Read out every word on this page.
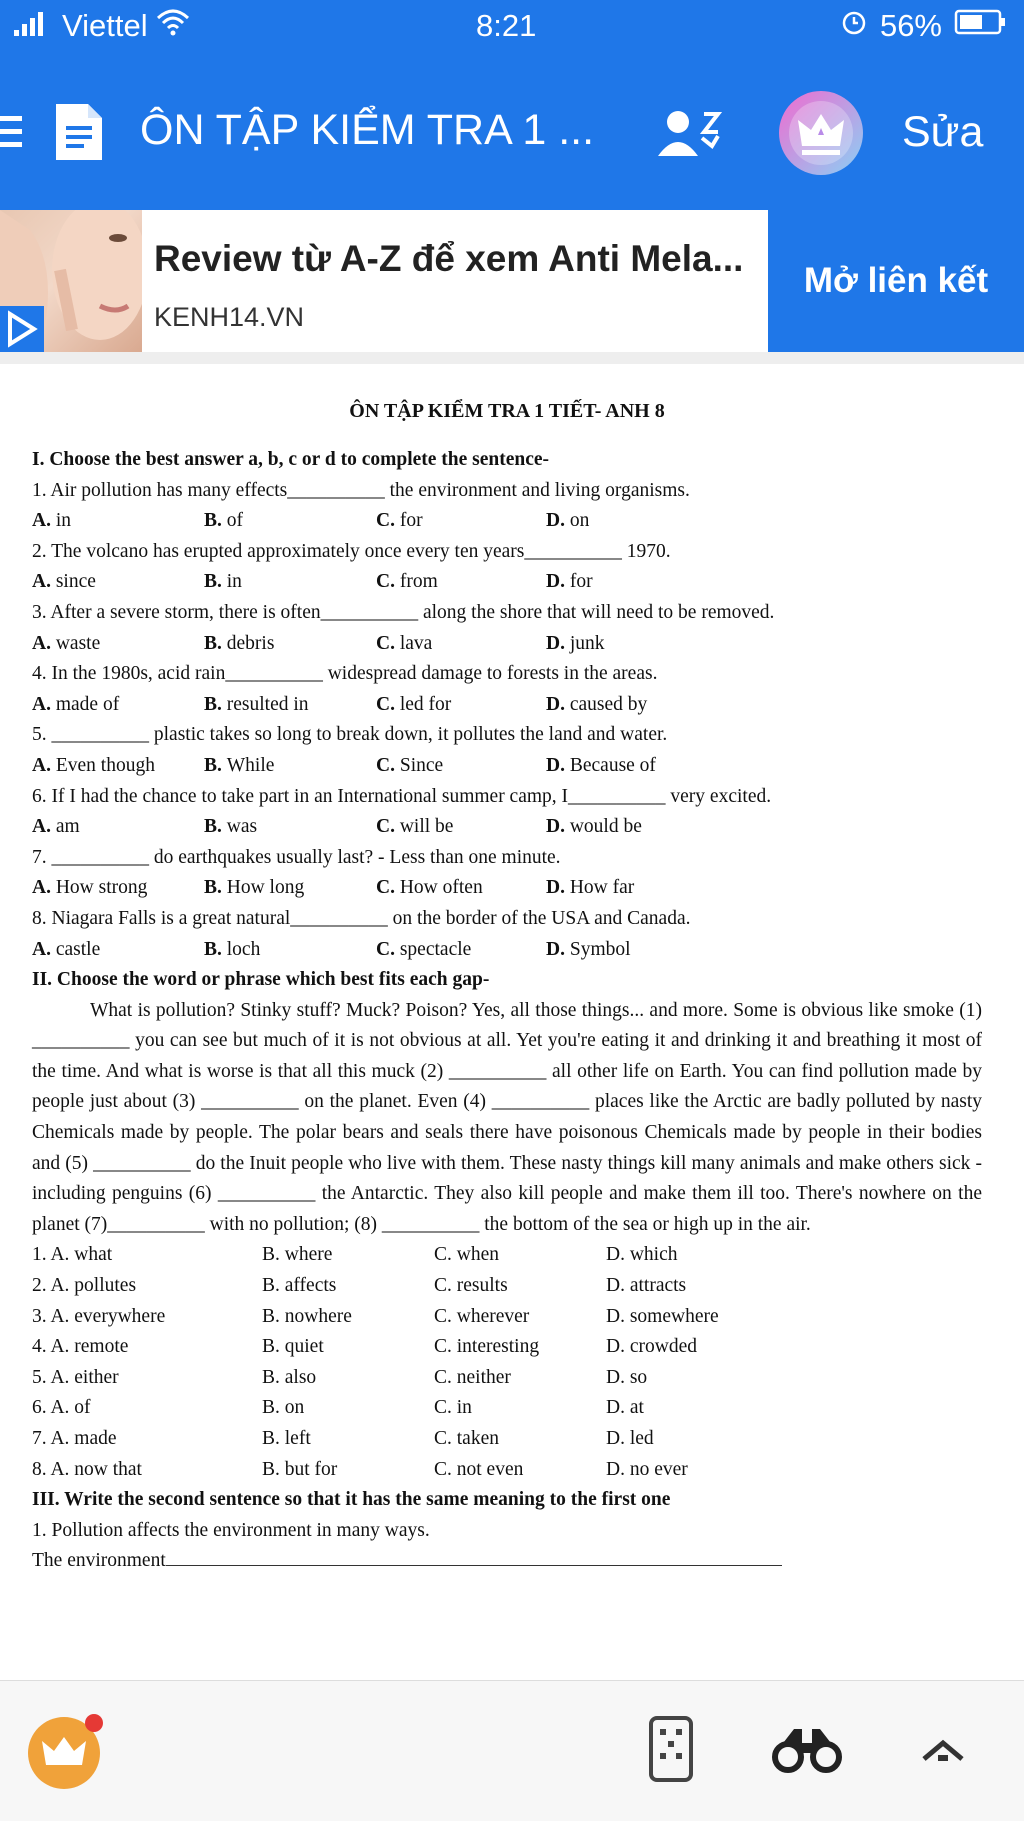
Viettel	8:21	56%
ÔN TẬP KIỂM TRA 1 ...	Sửa
Review từ A-Z để xem Anti Mela...
KENH14.VN
Mở liên kết
ÔN TẬP KIỂM TRA 1 TIẾT- ANH 8
I. Choose the best answer a, b, c or d to complete the sentence-
1. Air pollution has many effects__________ the environment and living organisms.
A. in	B. of	C. for	D. on
2. The volcano has erupted approximately once every ten years__________ 1970.
A. since	B. in	C. from	D. for
3. After a severe storm, there is often__________ along the shore that will need to be removed.
A. waste	B. debris	C. lava	D. junk
4. In the 1980s, acid rain__________ widespread damage to forests in the areas.
A. made of	B. resulted in	C. led for	D. caused by
5. __________ plastic takes so long to break down, it pollutes the land and water.
A. Even though	B. While	C. Since	D. Because of
6. If I had the chance to take part in an International summer camp, I__________ very excited.
A. am	B. was	C. will be	D. would be
7. __________ do earthquakes usually last? - Less than one minute.
A. How strong	B. How long	C. How often	D. How far
8. Niagara Falls is a great natural__________ on the border of the USA and Canada.
A. castle	B. loch	C. spectacle	D. Symbol
II. Choose the word or phrase which best fits each gap-
What is pollution? Stinky stuff? Muck? Poison? Yes, all those things... and more. Some is obvious like smoke (1) __________ you can see but much of it is not obvious at all. Yet you're eating it and drinking it and breathing it most of the time. And what is worse is that all this muck (2) __________ all other life on Earth. You can find pollution made by people just about (3) __________ on the planet. Even (4) __________ places like the Arctic are badly polluted by nasty Chemicals made by people. The polar bears and seals there have poisonous Chemicals made by people in their bodies and (5) __________ do the Inuit people who live with them. These nasty things kill many animals and make others sick - including penguins (6) __________ the Antarctic. They also kill people and make them ill too. There's nowhere on the planet (7)__________ with no pollution; (8) __________ the bottom of the sea or high up in the air.
1. A. what	B. where	C. when	D. which
2. A. pollutes	B. affects	C. results	D. attracts
3. A. everywhere	B. nowhere	C. wherever	D. somewhere
4. A. remote	B. quiet	C. interesting	D. crowded
5. A. either	B. also	C. neither	D. so
6. A. of	B. on	C. in	D. at
7. A. made	B. left	C. taken	D. led
8. A. now that	B. but for	C. not even	D. no ever
III. Write the second sentence so that it has the same meaning to the first one
1. Pollution affects the environment in many ways.
The environment
